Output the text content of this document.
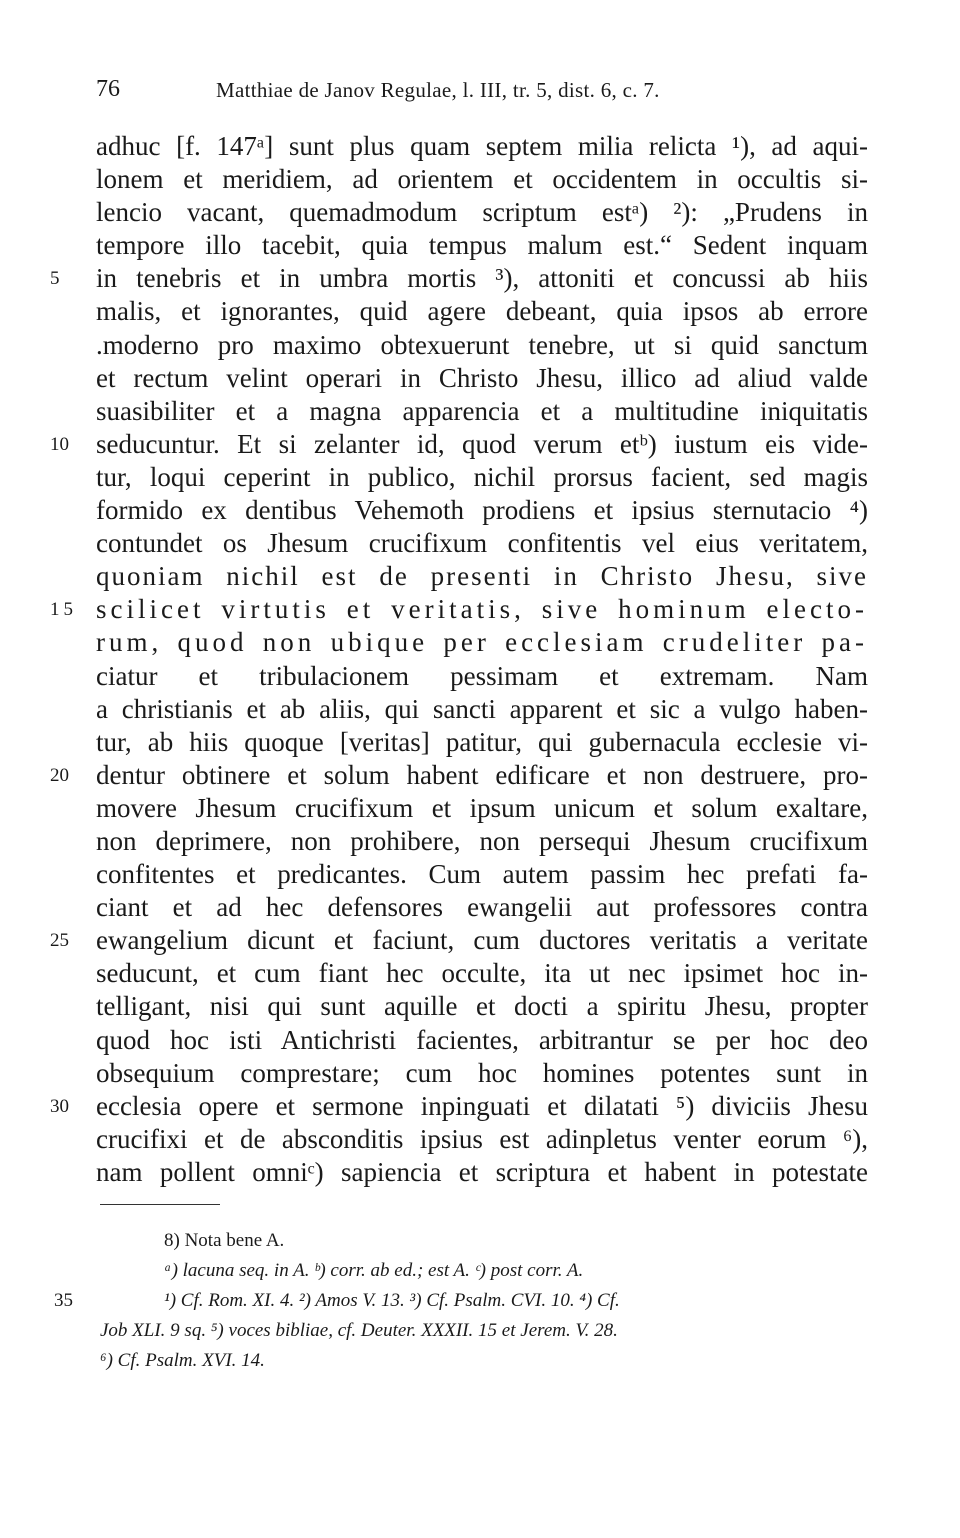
76	Matthiae de Janov Regulae, l. III, tr. 5, dist. 6, c. 7.
adhuc [f. 147ᵃ] sunt plus quam septem milia relicta ¹), ad aqui-
lonem et meridiem, ad orientem et occidentem in occultis si-
lencio vacant, quemadmodum scriptum estᵃ) ²): „Prudens in
tempore illo tacebit, quia tempus malum est.“ Sedent inquam
5	in tenebris et in umbra mortis ³), attoniti et concussi ab hiis
malis, et ignorantes, quid agere debeant, quia ipsos ab errore
.moderno pro maximo obtexuerunt tenebre, ut si quid sanctum
et rectum velint operari in Christo Jhesu, illico ad aliud valde
suasibiliter et a magna apparencia et a multitudine iniquitatis
10	seducuntur. Et si zelanter id, quod verum etᵇ) iustum eis vide-
tur, loqui ceperint in publico, nichil prorsus facient, sed magis
formido ex dentibus Vehemoth prodiens et ipsius sternutacio ⁴)
contundet os Jhesum crucifixum confitentis vel eius veritatem,
quoniam nichil est de presenti in Christo Jhesu, sive
15 scilicet virtutis et veritatis, sive hominum electo-
rum, quod non ubique per ecclesiam crudeliter pa-
ciatur et tribulacionem pessimam et extremam. Nam
a christianis et ab aliis, qui sancti apparent et sic a vulgo haben-
tur, ab hiis quoque [veritas] patitur, qui gubernacula ecclesie vi-
20	dentur obtinere et solum habent edificare et non destruere, pro-
movere Jhesum crucifixum et ipsum unicum et solum exaltare,
non deprimere, non prohibere, non persequi Jhesum crucifixum
confitentes et predicantes. Cum autem passim hec prefati fa-
ciant et ad hec defensores ewangelii aut professores contra
25	ewangelium dicunt et faciunt, cum ductores veritatis a veritate
seducunt, et cum fiant hec occulte, ita ut nec ipsimet hoc in-
telligant, nisi qui sunt aquille et docti a spiritu Jhesu, propter
quod hoc isti Antichristi facientes, arbitrantur se per hoc deo
obsequium comprestare; cum hoc homines potentes sunt in
30	ecclesia opere et sermone inpinguati et dilatati ⁵) diviciis Jhesu
crucifixi et de absconditis ipsius est adinpletus venter eorum ⁶),
nam pollent omniᶜ) sapiencia et scriptura et habent in potestate
8) Nota bene A.
ᵃ) lacuna seq. in A. ᵇ) corr. ab ed.; est A. ᶜ) post corr. A.
35	¹) Cf. Rom. XI. 4. ²) Amos V. 13. ³) Cf. Psalm. CVI. 10. ⁴) Cf.
Job XLI. 9 sq. ⁵) voces bibliae, cf. Deuter. XXXII. 15 et Jerem. V. 28.
⁶) Cf. Psalm. XVI. 14.
